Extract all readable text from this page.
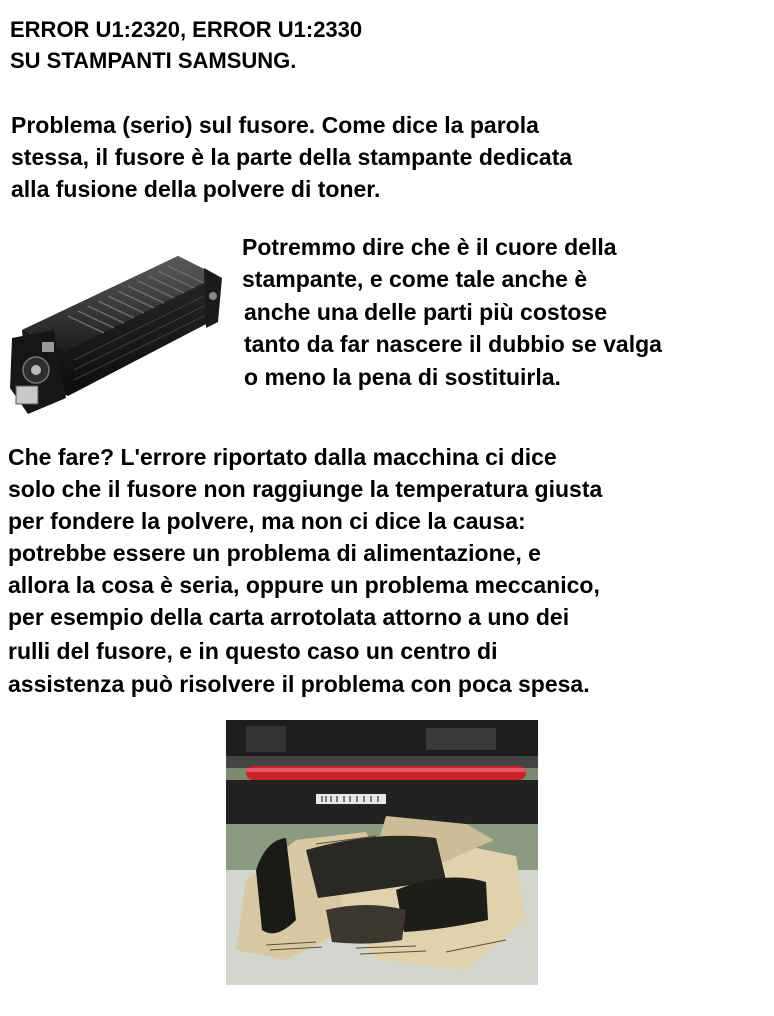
ERROR U1:2320, ERROR U1:2330
SU STAMPANTI SAMSUNG.
Problema (serio) sul fusore. Come dice la parola
stessa, il fusore è la parte della stampante dedicata
alla fusione della polvere di toner.
Potremmo dire che è il cuore della
stampante, e come tale anche è
anche una delle parti più costose
tanto da far nascere il dubbio se valga
o meno la pena di sostituirla.
Che fare? L'errore riportato dalla macchina ci dice
solo che il fusore non raggiunge la temperatura giusta
per fondere la polvere, ma non ci dice la causa:
potrebbe essere un problema di alimentazione, e
allora la cosa è seria, oppure un problema meccanico,
per esempio della carta arrotolata attorno a uno dei
rulli del fusore, e in questo caso un centro di
assistenza può risolvere il problema con poca spesa.
